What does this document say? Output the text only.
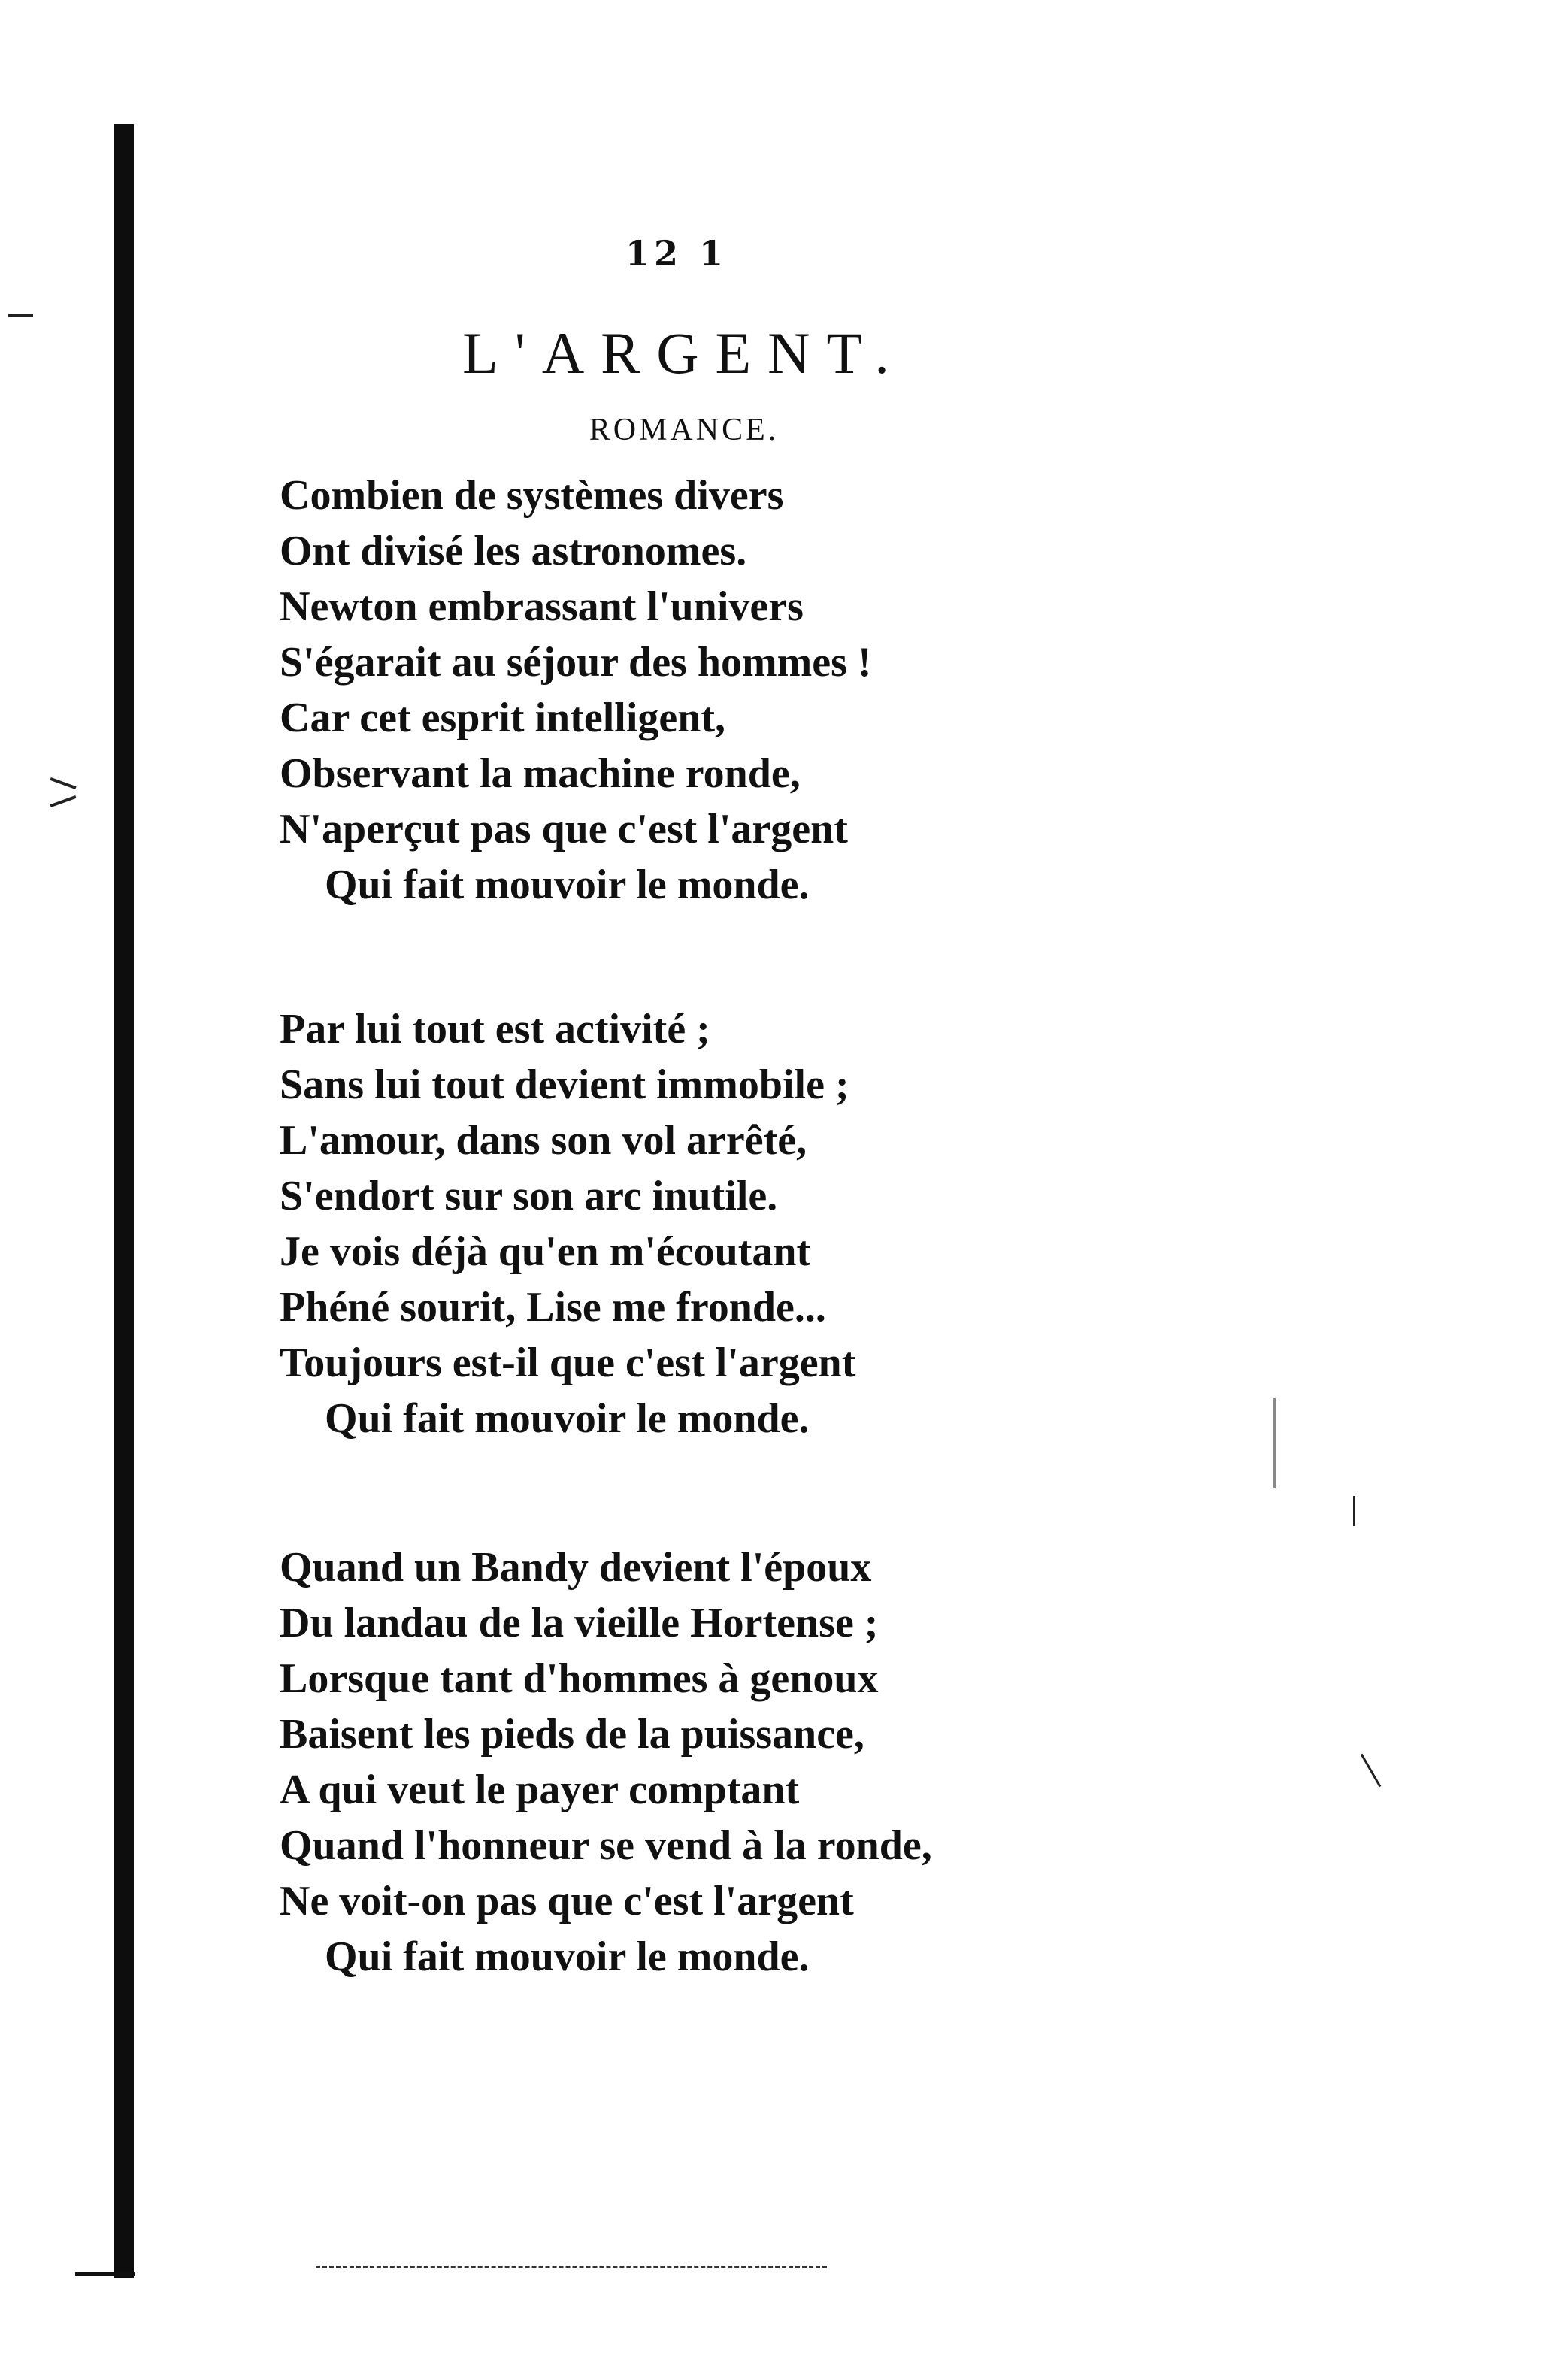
12 1
L'ARGENT.
ROMANCE.
Combien de systèmes divers
Ont divisé les astronomes.
Newton embrassant l'univers
S'égarait au séjour des hommes !
Car cet esprit intelligent,
Observant la machine ronde,
N'aperçut pas que c'est l'argent
Qui fait mouvoir le monde.
Par lui tout est activité ;
Sans lui tout devient immobile ;
L'amour, dans son vol arrêté,
S'endort sur son arc inutile.
Je vois déjà qu'en m'écoutant
Phéné sourit, Lise me fronde...
Toujours est-il que c'est l'argent
Qui fait mouvoir le monde.
Quand un Bandy devient l'époux
Du landau de la vieille Hortense ;
Lorsque tant d'hommes à genoux
Baisent les pieds de la puissance,
A qui veut le payer comptant
Quand l'honneur se vend à la ronde,
Ne voit-on pas que c'est l'argent
Qui fait mouvoir le monde.
